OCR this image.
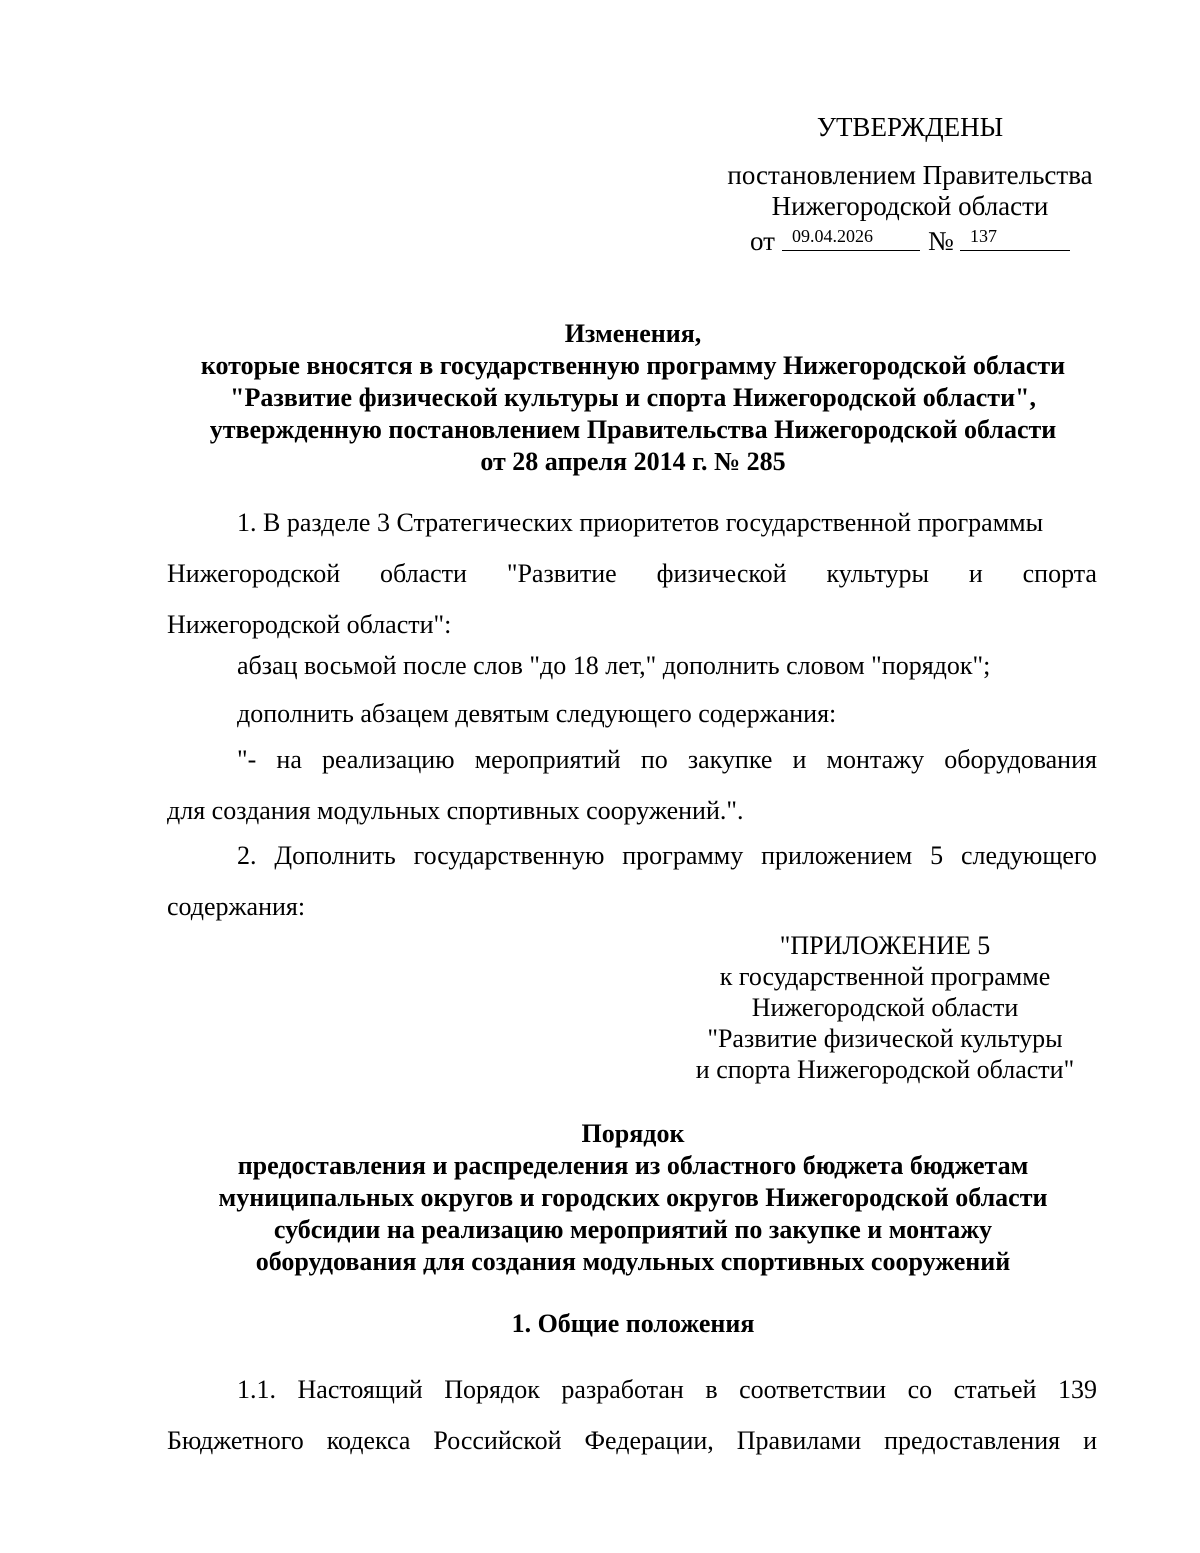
УТВЕРЖДЕНЫ
постановлением Правительства
Нижегородской области
от 09.04.2026	№ 137
Изменения,
которые вносятся в государственную программу Нижегородской области
"Развитие физической культуры и спорта Нижегородской области",
утвержденную постановлением Правительства Нижегородской области
от 28 апреля 2014 г. № 285
1. В разделе 3 Стратегических приоритетов государственной программы
Нижегородской области "Развитие физической культуры и спорта
Нижегородской области":
абзац восьмой после слов "до 18 лет," дополнить словом "порядок";
дополнить абзацем девятым следующего содержания:
"- на реализацию мероприятий по закупке и монтажу оборудования
для создания модульных спортивных сооружений.".
2. Дополнить государственную программу приложением 5 следующего
содержания:
"ПРИЛОЖЕНИЕ 5
к государственной программе
Нижегородской области
"Развитие физической культуры
и спорта Нижегородской области"
Порядок
предоставления и распределения из областного бюджета бюджетам
муниципальных округов и городских округов Нижегородской области
субсидии на реализацию мероприятий по закупке и монтажу
оборудования для создания модульных спортивных сооружений
1. Общие положения
1.1. Настоящий Порядок разработан в соответствии со статьей 139
Бюджетного кодекса Российской Федерации, Правилами предоставления и
